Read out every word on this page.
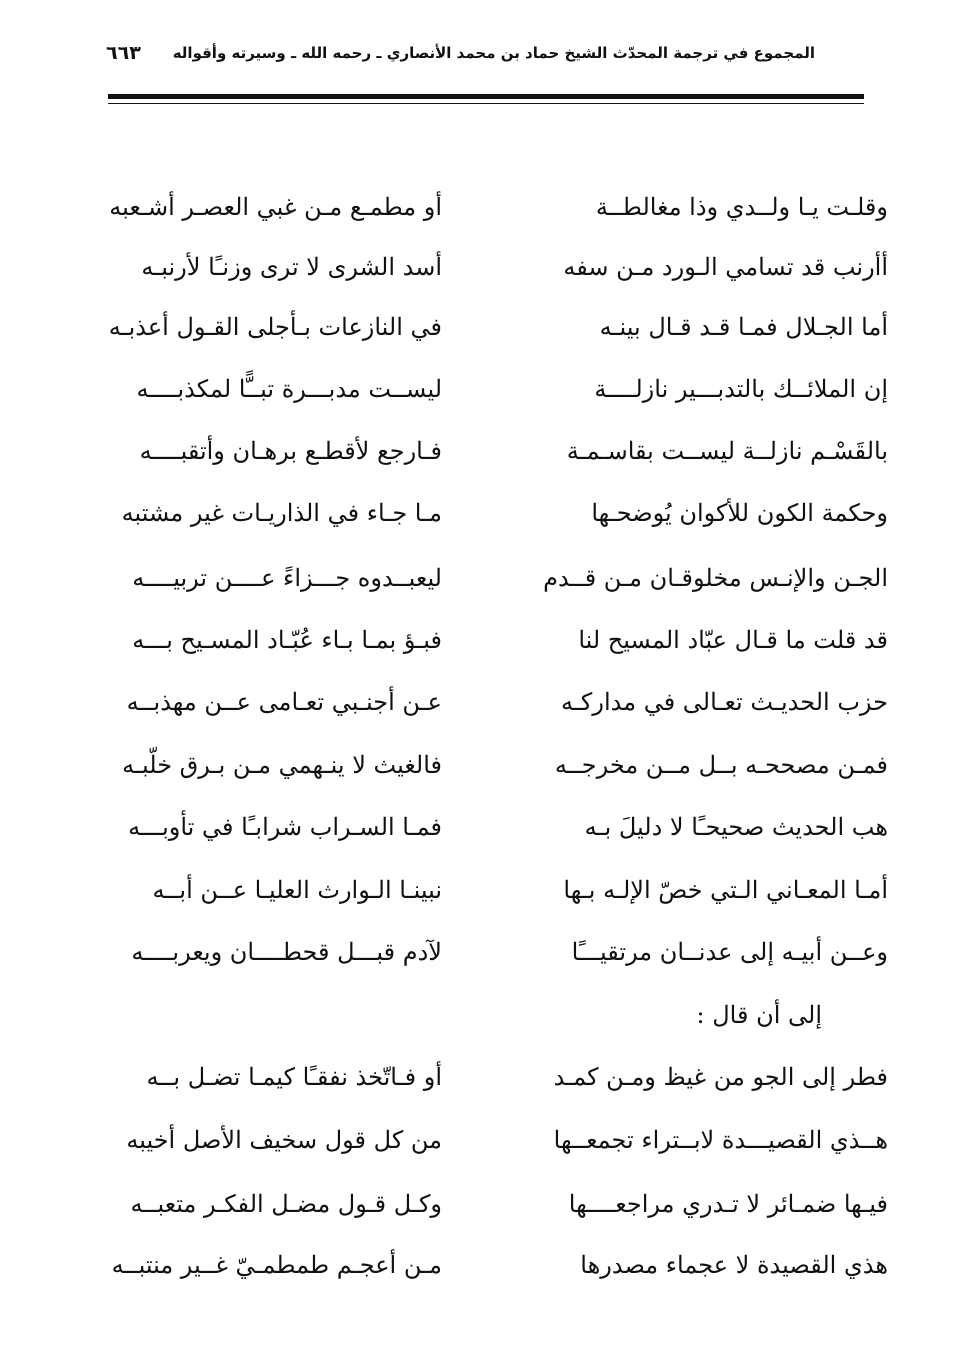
المجموع في ترجمة المحدّث الشيخ حماد بن محمد الأنصاري ـ رحمه الله ـ وسيرته وأقواله
٦٦٣
وقلـت يـا ولــدي وذا مغالطــة
أو مطمـع مـن غبي العصـر أشـعبه
أأرنب قد تسامي الـورد مـن سفه
أسد الشرى لا ترى وزنـًا لأرنبـه
أما الجـلال فمـا قـد قـال بينـه
في النازعات بـأجلى القـول أعذبـه
إن الملائــك بالتدبـــير نازلــــة
ليســت مدبـــرة تبــًّا لمكذبــــه
بالقَسْـم نازلــة ليســت بقاسـمـة
فـارجع لأقطـع برهـان وأتقبــــه
وحكمة الكون للأكوان يُوضحـها
مـا جـاء في الذاريـات غير مشتبه
الجـن والإنـس مخلوقـان مـن قــدم
ليعبــدوه جـــزاءً عــــن تربيــــه
قد قلت ما قـال عبّاد المسيح لنا
فبـؤ بمـا بـاء عُبّـاد المسـيح بـــه
حزب الحديـث تعـالى في مداركـه
عـن أجنـبي تعـامى عــن مهذبــه
فمـن مصححـه بــل مــن مخرجــه
فالغيث لا ينـهمي مـن بـرق خلّبـه
هب الحديث صحيحـًا لا دليلَ بـه
فمـا السـراب شرابـًا في تأوبـــه
أمـا المعـاني الـتي خصّ الإلـه بـها
نبينـا الـوارث العليـا عــن أبــه
وعــن أبيـه إلى عدنــان مرتقيـــًا
لآدم قبـــل قحطــــان ويعربــــه
إلى أن قال :
فطر إلى الجو من غيظ ومـن كمـد
أو فـاتّخذ نفقـًا كيمـا تضـل بــه
هــذي القصيـــدة لابــتراء تجمعــها
من كل قول سخيف الأصل أخيبه
فيـها ضمـائر لا تـدري مراجعــــها
وكـل قـول مضـل الفكـر متعبــه
هذي القصيدة لا عجماء مصدرها
مـن أعجـم طمطمـيّ غــير منتبــه
